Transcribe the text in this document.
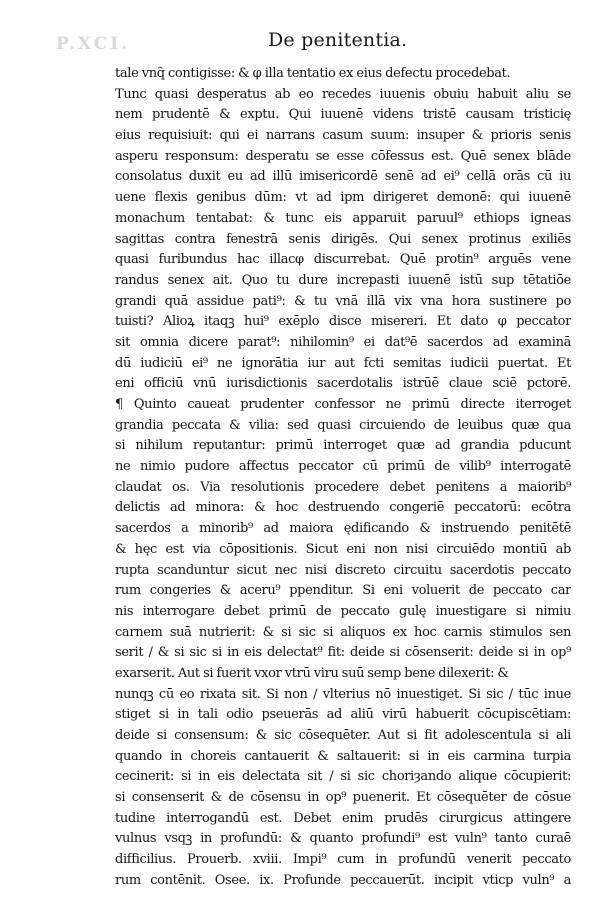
P.XCI.	De penitentia.
tale vnq̃ contigisse: & φ illa tentatio ex eius defectu procedebat.
Tunc quasi desperatus ab eo recedes iuuenis obuiu habuit aliu se
nem prudentē & exptu. Qui iuuenē videns tristē causam tristicię
eius requisiuit: qui ei narrans casum suum: insuper & prioris senis
asperu responsum: desperatu se esse cōfessus est. Quē senex blāde
consolatus duxit eu ad illū imisericordē senē ad ei⁹ cellā orās cū iu
uene flexis genibus dūm: vt ad ipm dirigeret demonē: qui iuuenē
monachum tentabat: & tunc eis apparuit paruul⁹ ethiops igneas
sagittas contra fenestrā senis dirigēs. Qui senex protinus exiliēs
quasi furibundus hac illacφ discurrebat. Quē protin⁹ arguēs vene
randus senex ait. Quo tu dure increpasti iuuenē istū sup tētatiōe
grandi quā assidue pati⁹: & tu vnā illā vix vna hora sustinere po
tuisti? Alioꝝ itaqꝫ hui⁹ exēplo disce misereri. Et dato φ peccator
sit omnia dicere parat⁹: nihilomin⁹ ei dat⁹ē sacerdos ad examinā
dū iudiciū ei⁹ ne ignorātia iur aut fcti semitas iudicii puertat. Et
eni officiū vnū iurisdictionis sacerdotalis istrūē claue sciē pctorē.
¶ Quinto caueat prudenter confessor ne primū directe iterroget
grandia peccata & vilia: sed quasi circuiendo de leuibus quæ qua
si nihilum reputantur: primū interroget quæ ad grandia pducunt
ne nimio pudore affectus peccator cū primū de vilib⁹ interrogatē
claudat os. Via resolutionis procedere debet penitens a maiorib⁹
delictis ad minora: & hoc destruendo congeriē peccatorū: ecōtra
sacerdos a minorib⁹ ad maiora ędificando & instruendo penitētē
& hęc est via cōpositionis. Sicut eni non nisi circuiēdo montiū ab
rupta scanduntur sicut nec nisi discreto circuitu sacerdotis peccato
rum congeries & aceru⁹ ppenditur. Si eni voluerit de peccato car
nis interrogare debet primū de peccato gulę inuestigare si nimiu
carnem suā nutrierit: & si sic si aliquos ex hoc carnis stimulos sen
serit / & si sic si in eis delectat⁹ fit: deide si cōsenserit: deide si in op⁹
exarserit. Aut si fuerit vxor vtrū viru suū semp bene dilexerit: &
nunqꝫ cū eo rixata sit. Si non / vlterius nō inuestiget. Si sic / tūc inue
stiget si in tali odio pseuerās ad aliū virū habuerit cōcupiscētiam:
deide si consensum: & sic cōsequēter. Aut si fit adolescentula si ali
quando in choreis cantauerit & saltauerit: si in eis carmina turpia
cecinerit: si in eis delectata sit / si sic choriȝando alique cōcupierit:
si consenserit & de cōsensu in op⁹ puenerit. Et cōsequēter de cōsue
tudine interrogandū est. Debet enim prudēs cirurgicus attingere
vulnus vsqꝫ in profundū: & quanto profundi⁹ est vuln⁹ tanto curaē
difficilius. Prouerb. xviii. Impi⁹ cum in profundū venerit peccato
rum contēnit. Osee. ix. Profunde peccauerūt. incipit vticp vuln⁹ a
